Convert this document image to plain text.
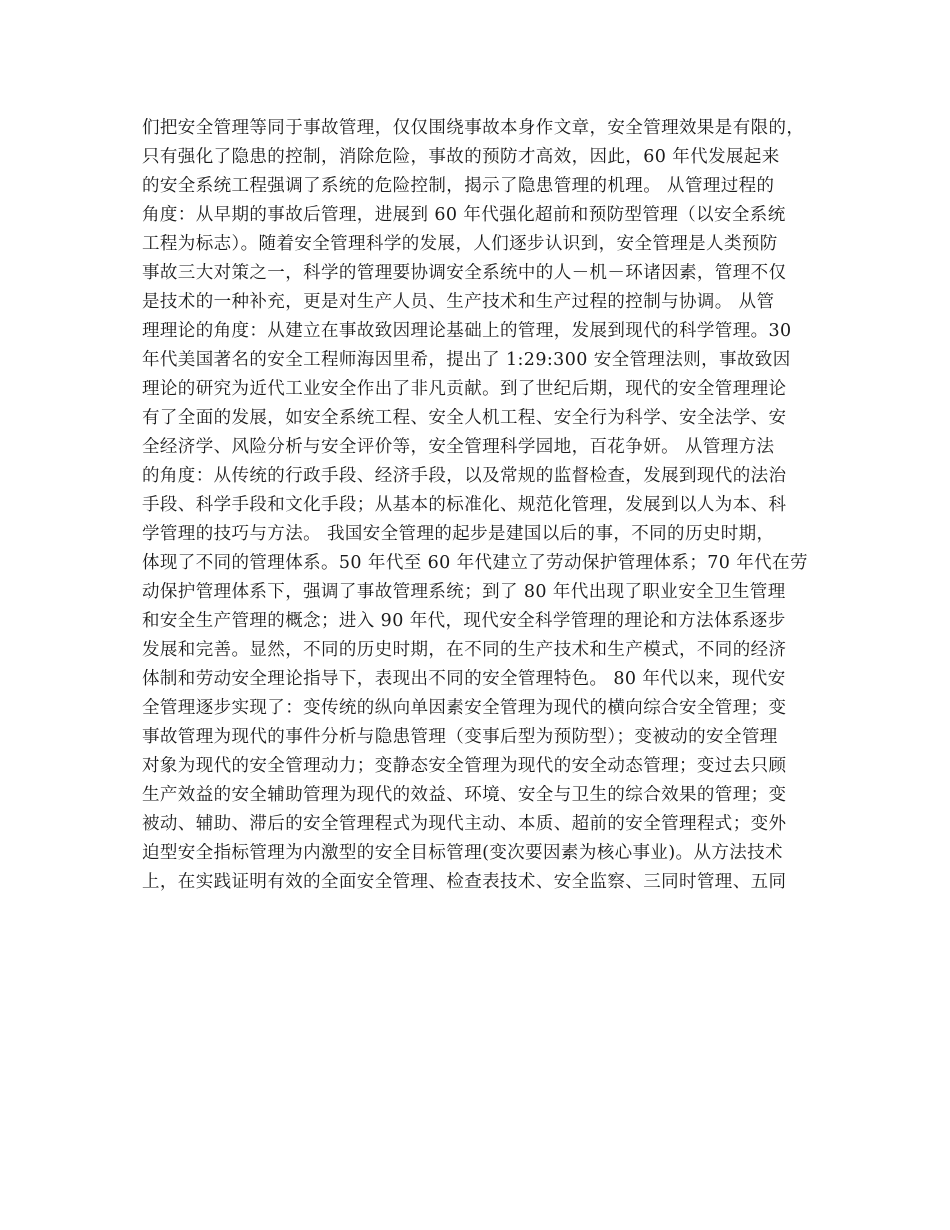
们把安全管理等同于事故管理，仅仅围绕事故本身作文章，安全管理效果是有限的，
只有强化了隐患的控制，消除危险，事故的预防才高效，因此，60 年代发展起来
的安全系统工程强调了系统的危险控制，揭示了隐患管理的机理。 从管理过程的
角度：从早期的事故后管理，进展到 60 年代强化超前和预防型管理（以安全系统
工程为标志）。随着安全管理科学的发展，人们逐步认识到，安全管理是人类预防
事故三大对策之一，科学的管理要协调安全系统中的人－机－环诸因素，管理不仅
是技术的一种补充，更是对生产人员、生产技术和生产过程的控制与协调。 从管
理理论的角度：从建立在事故致因理论基础上的管理，发展到现代的科学管理。30
年代美国著名的安全工程师海因里希，提出了 1:29:300 安全管理法则，事故致因
理论的研究为近代工业安全作出了非凡贡献。到了世纪后期，现代的安全管理理论
有了全面的发展，如安全系统工程、安全人机工程、安全行为科学、安全法学、安
全经济学、风险分析与安全评价等，安全管理科学园地，百花争妍。 从管理方法
的角度：从传统的行政手段、经济手段，以及常规的监督检查，发展到现代的法治
手段、科学手段和文化手段；从基本的标准化、规范化管理，发展到以人为本、科
学管理的技巧与方法。 我国安全管理的起步是建国以后的事，不同的历史时期，
体现了不同的管理体系。50 年代至 60 年代建立了劳动保护管理体系；70 年代在劳
动保护管理体系下，强调了事故管理系统；到了 80 年代出现了职业安全卫生管理
和安全生产管理的概念；进入 90 年代，现代安全科学管理的理论和方法体系逐步
发展和完善。显然，不同的历史时期，在不同的生产技术和生产模式，不同的经济
体制和劳动安全理论指导下，表现出不同的安全管理特色。 80 年代以来，现代安
全管理逐步实现了：变传统的纵向单因素安全管理为现代的横向综合安全管理；变
事故管理为现代的事件分析与隐患管理（变事后型为预防型）；变被动的安全管理
对象为现代的安全管理动力；变静态安全管理为现代的安全动态管理；变过去只顾
生产效益的安全辅助管理为现代的效益、环境、安全与卫生的综合效果的管理；变
被动、辅助、滞后的安全管理程式为现代主动、本质、超前的安全管理程式；变外
迫型安全指标管理为内激型的安全目标管理(变次要因素为核心事业)。从方法技术
上，在实践证明有效的全面安全管理、检查表技术、安全监察、三同时管理、五同
